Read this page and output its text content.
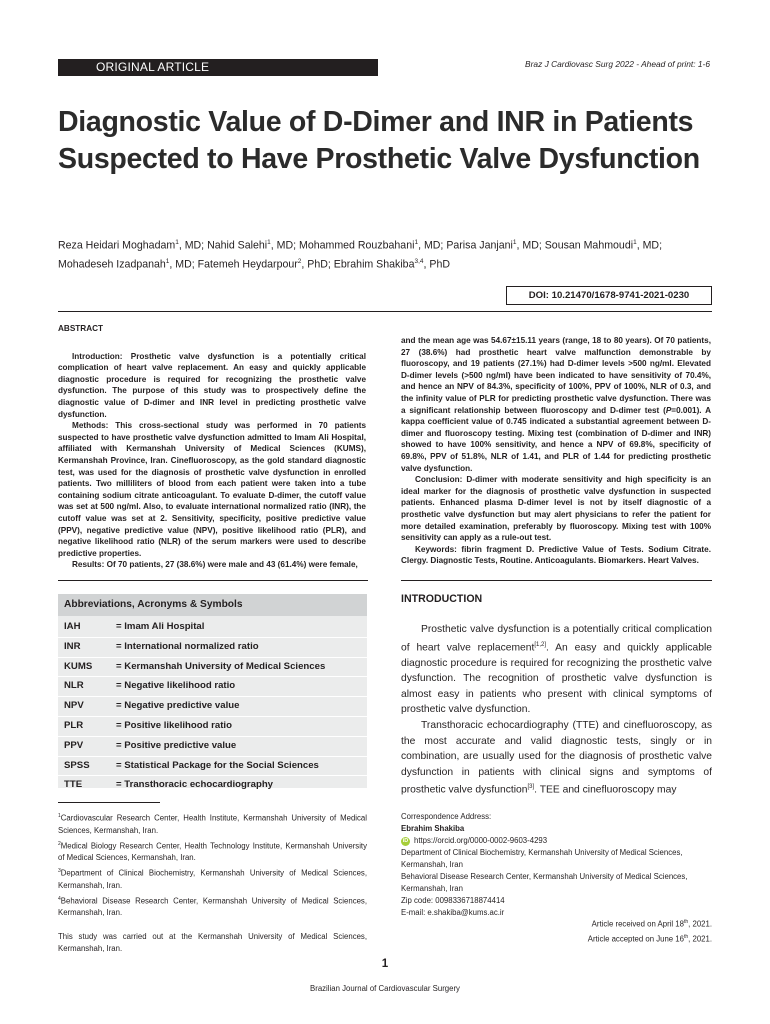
ORIGINAL ARTICLE	Braz J Cardiovasc Surg 2022 - Ahead of print: 1-6
Diagnostic Value of D-Dimer and INR in Patients Suspected to Have Prosthetic Valve Dysfunction
Reza Heidari Moghadam$^1$, MD; Nahid Salehi$^1$, MD; Mohammed Rouzbahani$^1$, MD; Parisa Janjani$^1$, MD; Sousan Mahmoudi$^1$, MD; Mohadeseh Izadpanah$^1$, MD; Fatemeh Heydarpour$^2$, PhD; Ebrahim Shakiba$^{3,4}$, PhD
DOI: 10.21470/1678-9741-2021-0230
ABSTRACT

Introduction: Prosthetic valve dysfunction is a potentially critical complication of heart valve replacement. An easy and quickly applicable diagnostic procedure is required for recognizing the prosthetic valve dysfunction. The purpose of this study was to prospectively define the diagnostic value of D-dimer and INR level in predicting prosthetic valve dysfunction.

Methods: This cross-sectional study was performed in 70 patients suspected to have prosthetic valve dysfunction admitted to Imam Ali Hospital, affiliated with Kermanshah University of Medical Sciences (KUMS), Kermanshah Province, Iran. Cinefluoroscopy, as the gold standard diagnostic test, was used for the diagnosis of prosthetic valve dysfunction in enrolled patients. Two milliliters of blood from each patient were taken into a tube containing sodium citrate anticoagulant. To evaluate D-dimer, the cutoff value was set at 500 ng/ml. Also, to evaluate international normalized ratio (INR), the cutoff value was set at 2. Sensitivity, specificity, positive predictive value (PPV), negative predictive value (NPV), positive likelihood ratio (PLR), and negative likelihood ratio (NLR) of the serum markers were used to describe predictive properties.

Results: Of 70 patients, 27 (38.6%) were male and 43 (61.4%) were female,

and the mean age was 54.67±15.11 years (range, 18 to 80 years). Of 70 patients, 27 (38.6%) had prosthetic heart valve malfunction demonstrable by fluoroscopy, and 19 patients (27.1%) had D-dimer levels >500 ng/ml. Elevated D-dimer levels (>500 ng/ml) have been indicated to have sensitivity of 70.4%, and hence an NPV of 84.3%, specificity of 100%, PPV of 100%, NLR of 0.3, and the infinity value of PLR for predicting prosthetic valve dysfunction. There was a significant relationship between fluoroscopy and D-dimer test (P=0.001). A kappa coefficient value of 0.745 indicated a substantial agreement between D-dimer and fluoroscopy testing. Mixing test (combination of D-dimer and INR) showed to have 100% sensitivity, and hence a NPV of 69.8%, specificity of 69.8%, PPV of 51.8%, NLR of 1.41, and PLR of 1.44 for predicting prosthetic valve dysfunction.

Conclusion: D-dimer with moderate sensitivity and high specificity is an ideal marker for the diagnosis of prosthetic valve dysfunction in suspected patients. Enhanced plasma D-dimer level is not by itself diagnostic of a prosthetic valve dysfunction but may alert physicians to refer the patient for more detailed examination, preferably by fluoroscopy. Mixing test with 100% sensitivity can apply as a rule-out test.

Keywords: fibrin fragment D. Predictive Value of Tests. Sodium Citrate. Clergy. Diagnostic Tests, Routine. Anticoagulants. Biomarkers. Heart Valves.

Abbreviations, Acronyms & Symbols
IAH	= Imam Ali Hospital
INR	= International normalized ratio
KUMS	= Kermanshah University of Medical Sciences
NLR	= Negative likelihood ratio
NPV	= Negative predictive value
PLR	= Positive likelihood ratio
PPV	= Positive predictive value
SPSS	= Statistical Package for the Social Sciences
TTE	= Transthoracic echocardiography
INTRODUCTION

Prosthetic valve dysfunction is a potentially critical complication of heart valve replacement[1,2]. An easy and quickly applicable diagnostic procedure is required for recognizing the prosthetic valve dysfunction. The recognition of prosthetic valve dysfunction is almost easy in patients who present with clinical symptoms of prosthetic valve dysfunction.

Transthoracic echocardiography (TTE) and cinefluoroscopy, as the most accurate and valid diagnostic tests, singly or in combination, are usually used for the diagnosis of prosthetic valve dysfunction in patients with clinical signs and symptoms of prosthetic valve dysfunction[3]. TEE and cinefluoroscopy may

$^1$Cardiovascular Research Center, Health Institute, Kermanshah University of Medical Sciences, Kermanshah, Iran.

$^2$Medical Biology Research Center, Health Technology Institute, Kermanshah University of Medical Sciences, Kermanshah, Iran.

$^3$Department of Clinical Biochemistry, Kermanshah University of Medical Sciences, Kermanshah, Iran.

$^4$Behavioral Disease Research Center, Kermanshah University of Medical Sciences, Kermanshah, Iran.

This study was carried out at the Kermanshah University of Medical Sciences, Kermanshah, Iran.

Correspondence Address:
Ebrahim Shakiba
iD https://orcid.org/0000-0002-9603-4293
Department of Clinical Biochemistry, Kermanshah University of Medical Sciences,
Kermanshah, Iran
Behavioral Disease Research Center, Kermanshah University of Medical Sciences,
Kermanshah, Iran
Zip code: 0098336718874414
E-mail: e.shakiba@kums.ac.ir
Article received on April 18th, 2021.
Article accepted on June 16th, 2021.
1
Brazilian Journal of Cardiovascular Surgery
